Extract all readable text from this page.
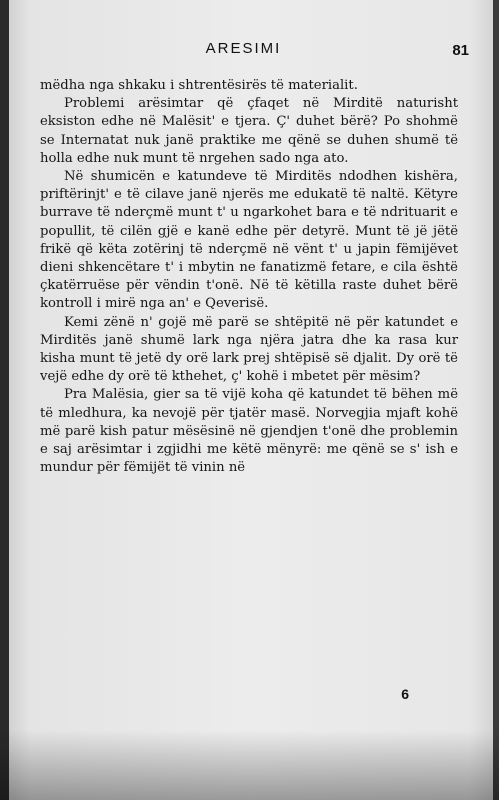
ARESIMI	81

mëdha nga shkaku i shtrentësirës të materialit.

Problemi arësimtar që çfaqet në Mirditë naturisht eksiston edhe në Malësit' e tjera. Ç' duhet bërë? Po shohmë se Internatat nuk janë praktike me qënë se duhen shumë të holla edhe nuk munt të nrgehen sado nga ato.

Në shumicën e katundeve të Mirditës ndodhen kishëra, priftërinjt' e të cilave janë njerës me edukatë të naltë. Këtyre burrave të nderçmë munt t' u ngarkohet bara e të ndrituarit e popullit, të cilën gjë e kanë edhe për detyrë. Munt të jë jëtë frikë që këta zotërinj të nderçmë në vënt t' u japin fëmijëvet dieni shkencëtare t' i mbytin ne fanatizmë fetare, e cila është çkatërruëse për vëndin t'onë. Në të këtilla raste duhet bërë kontroll i mirë nga an' e Qeverisë.

Kemi zënë n' gojë më parë se shtëpitë në për katundet e Mirditës janë shumë lark nga njëra jatra dhe ka rasa kur kisha munt të jetë dy orë lark prej shtëpisë së djalit. Dy orë të vejë edhe dy orë të kthehet, ç' kohë i mbetet për mësim?

Pra Malësia, gier sa të vijë koha që katundet të bëhen më të mledhura, ka nevojë për tjatër masë. Norvegjia mjaft kohë më parë kish patur mësësinë në gjendjen t'onë dhe problemin e saj arësimtar i zgjidhi me këtë mënyrë: me qënë se s' ish e mundur për fëmijët të vinin në

6
